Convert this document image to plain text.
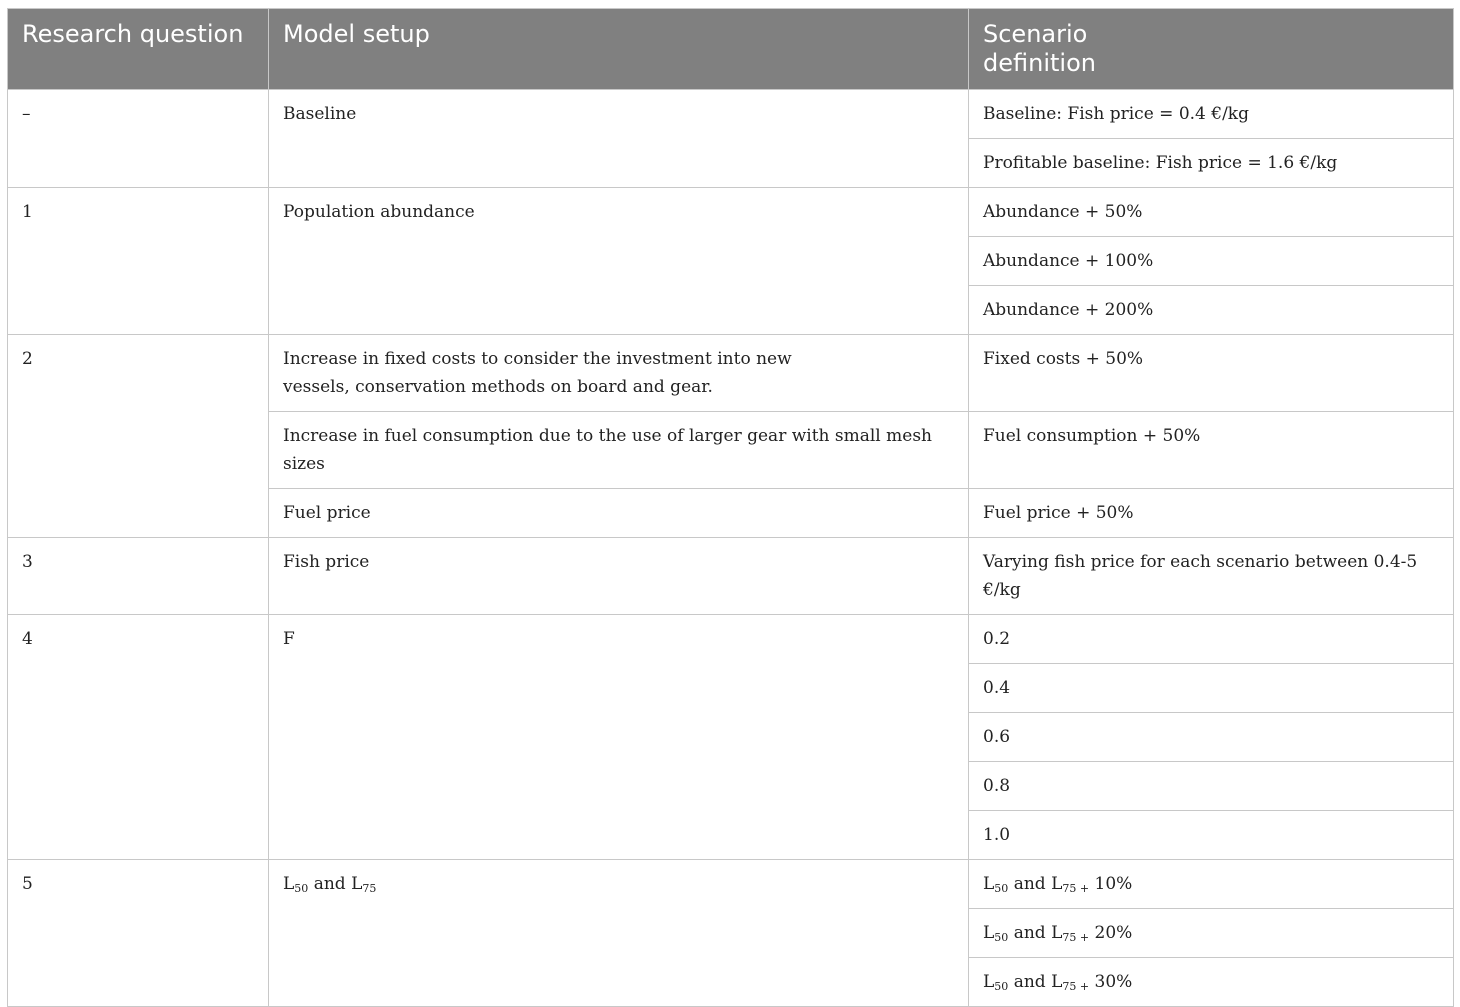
Research question	Model setup	Scenario definition
–	Baseline	Baseline: Fish price = 0.4 €/kg
		Profitable baseline: Fish price = 1.6 €/kg
1	Population abundance	Abundance + 50%
		Abundance + 100%
		Abundance + 200%
2	Increase in fixed costs to consider the investment into new vessels, conservation methods on board and gear.	Fixed costs + 50%
	Increase in fuel consumption due to the use of larger gear with small mesh sizes	Fuel consumption + 50%
	Fuel price	Fuel price + 50%
3	Fish price	Varying fish price for each scenario between 0.4-5 €/kg
4	F	0.2
		0.4
		0.6
		0.8
		1.0
5	$L_{50}$ and $L_{75}$	$L_{50}$ and $L_{75 +}$ 10%
		$L_{50}$ and $L_{75 +}$ 20%
		$L_{50}$ and $L_{75 +}$ 30%
